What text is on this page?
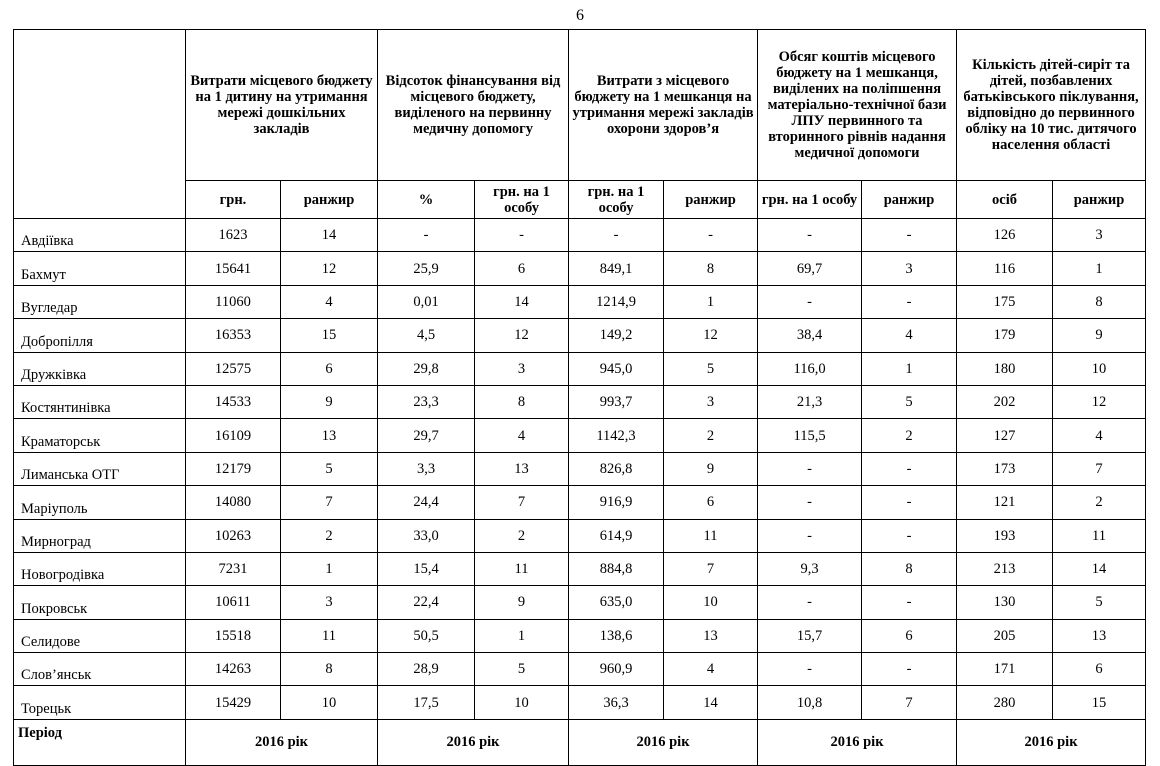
6
	Витрати місцевого бюджету на 1 дитину на утримання мережі дошкільних закладів		Відсоток фінансування від місцевого бюджету, виділеного на первинну медичну допомогу		Витрати з місцевого бюджету на 1 мешканця на утримання мережі закладів охорони здоров’я		Обсяг коштів місцевого бюджету на 1 мешканця, виділених на поліпшення матеріально-технічної бази ЛПУ первинного та вторинного рівнів надання медичної допомоги		Кількість дітей-сиріт та дітей, позбавлених батьківського піклування, відповідно до первинного обліку на 10 тис. дитячого населення області	
	грн.	ранжир	%	грн. на 1 особу	грн. на 1 особу	ранжир	грн. на 1 особу	ранжир	осіб	ранжир
Авдіївка	1623	14	-	-	-	-	-	-	126	3
Бахмут	15641	12	25,9	6	849,1	8	69,7	3	116	1
Вугледар	11060	4	0,01	14	1214,9	1	-	-	175	8
Добропілля	16353	15	4,5	12	149,2	12	38,4	4	179	9
Дружківка	12575	6	29,8	3	945,0	5	116,0	1	180	10
Костянтинівка	14533	9	23,3	8	993,7	3	21,3	5	202	12
Краматорськ	16109	13	29,7	4	1142,3	2	115,5	2	127	4
Лиманська ОТГ	12179	5	3,3	13	826,8	9	-	-	173	7
Маріуполь	14080	7	24,4	7	916,9	6	-	-	121	2
Мирноград	10263	2	33,0	2	614,9	11	-	-	193	11
Новогродівка	7231	1	15,4	11	884,8	7	9,3	8	213	14
Покровськ	10611	3	22,4	9	635,0	10	-	-	130	5
Селидове	15518	11	50,5	1	138,6	13	15,7	6	205	13
Слов’янськ	14263	8	28,9	5	960,9	4	-	-	171	6
Торецьк	15429	10	17,5	10	36,3	14	10,8	7	280	15
Період	2016 рік		2016 рік		2016 рік		2016 рік		2016 рік	
